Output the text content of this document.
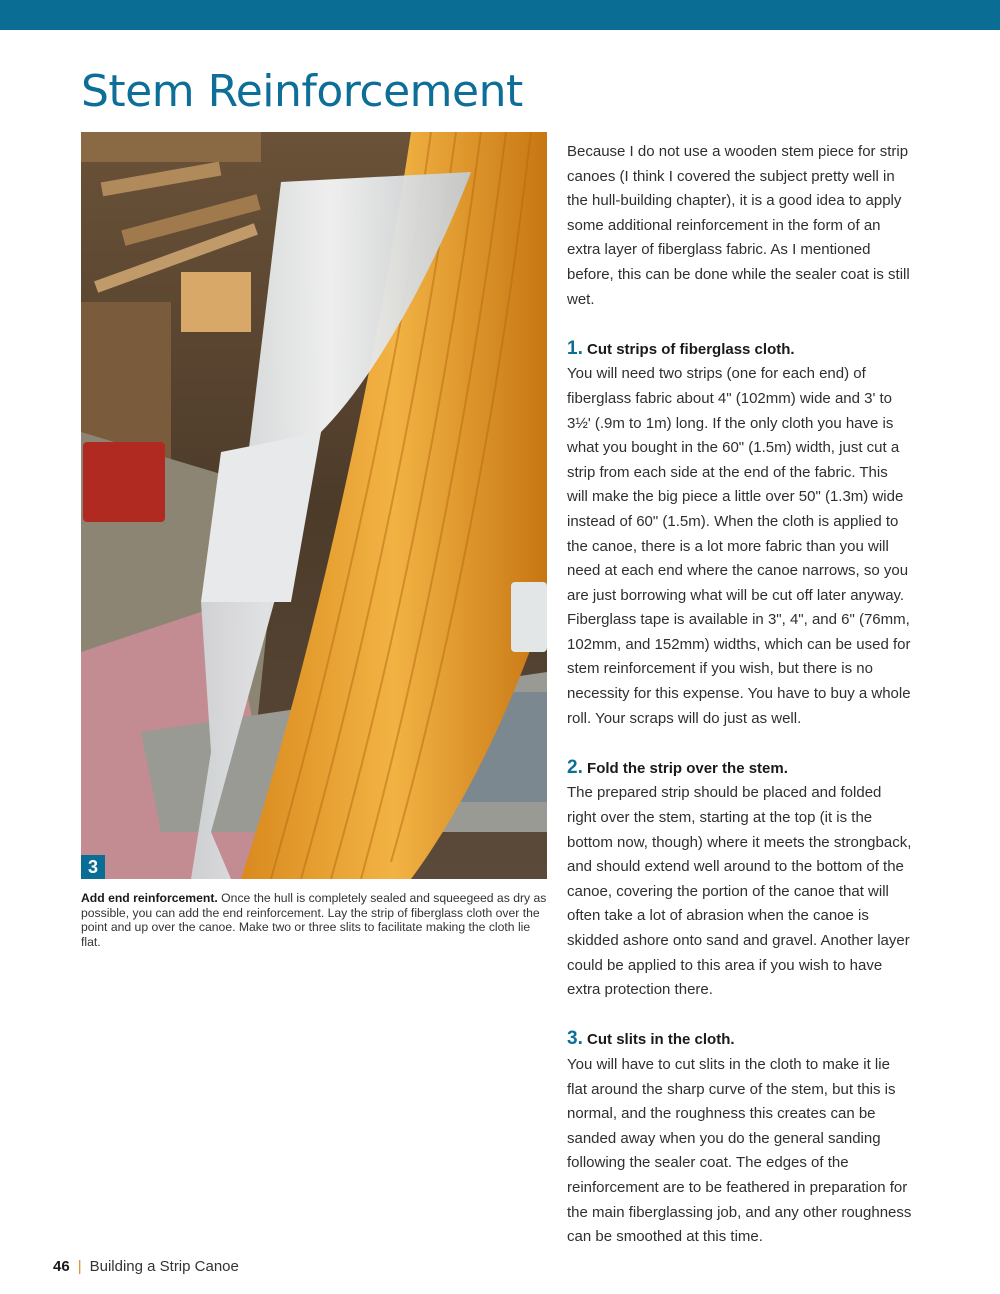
Stem Reinforcement
3

Add end reinforcement. Once the hull is completely sealed and squeegeed as dry as possible, you can add the end reinforcement. Lay the strip of fiberglass cloth over the point and up over the canoe. Make two or three slits to facilitate making the cloth lie flat.

Because I do not use a wooden stem piece for strip canoes (I think I covered the subject pretty well in the hull-building chapter), it is a good idea to apply some additional reinforcement in the form of an extra layer of fiberglass fabric. As I mentioned before, this can be done while the sealer coat is still wet.

1. Cut strips of fiberglass cloth.

You will need two strips (one for each end) of fiberglass fabric about 4" (102mm) wide and 3' to 3½' (.9m to 1m) long. If the only cloth you have is what you bought in the 60" (1.5m) width, just cut a strip from each side at the end of the fabric. This will make the big piece a little over 50" (1.3m) wide instead of 60" (1.5m). When the cloth is applied to the canoe, there is a lot more fabric than you will need at each end where the canoe narrows, so you are just borrowing what will be cut off later anyway. Fiberglass tape is available in 3", 4", and 6" (76mm, 102mm, and 152mm) widths, which can be used for stem reinforcement if you wish, but there is no necessity for this expense. You have to buy a whole roll. Your scraps will do just as well.

2. Fold the strip over the stem.

The prepared strip should be placed and folded right over the stem, starting at the top (it is the bottom now, though) where it meets the strongback, and should extend well around to the bottom of the canoe, covering the portion of the canoe that will often take a lot of abrasion when the canoe is skidded ashore onto sand and gravel. Another layer could be applied to this area if you wish to have extra protection there.

3. Cut slits in the cloth.

You will have to cut slits in the cloth to make it lie flat around the sharp curve of the stem, but this is normal, and the roughness this creates can be sanded away when you do the general sanding following the sealer coat. The edges of the reinforcement are to be feathered in preparation for the main fiberglassing job, and any other roughness can be smoothed at this time.

46 | Building a Strip Canoe
